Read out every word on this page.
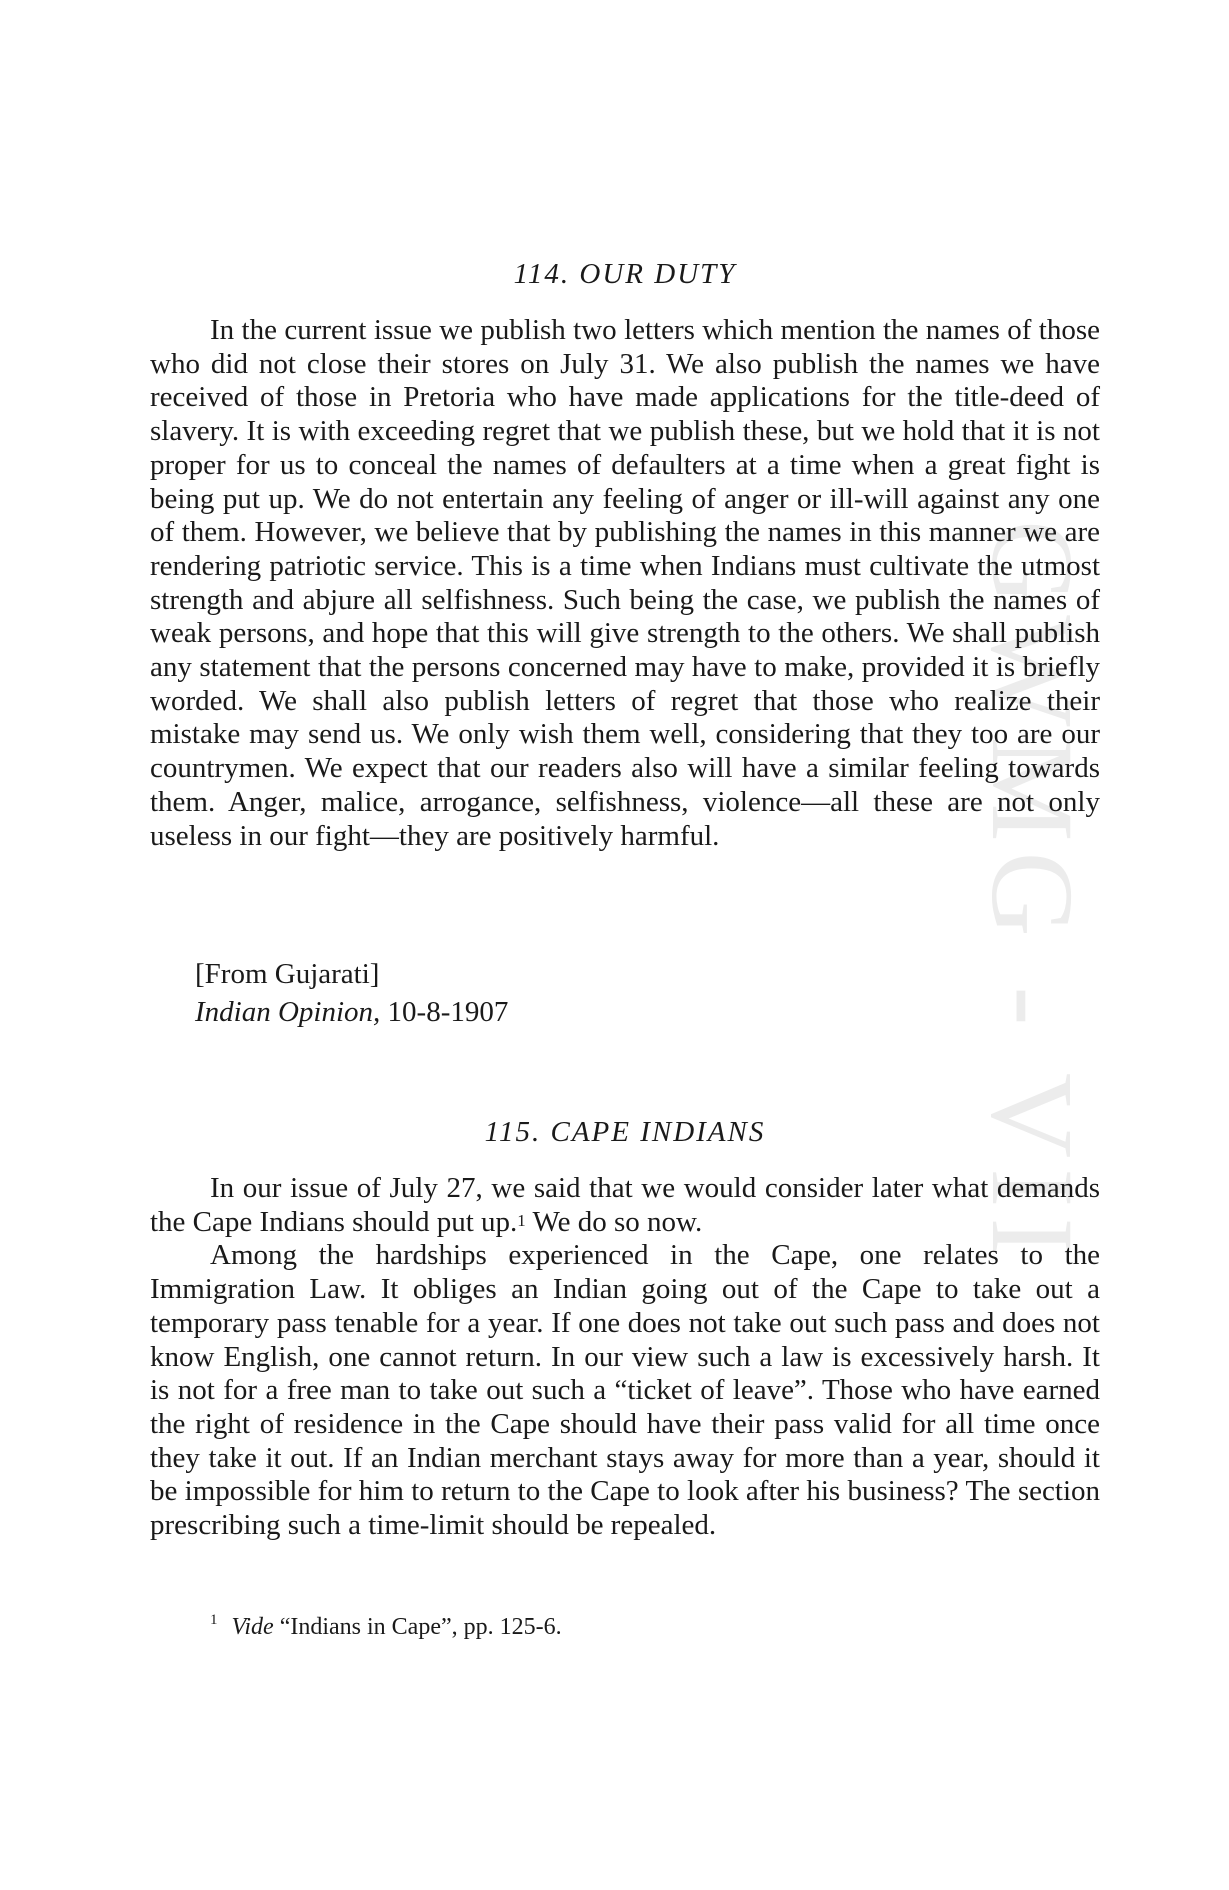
GWMG - VII
114. OUR DUTY

In the current issue we publish two letters which mention the names of those who did not close their stores on July 31. We also publish the names we have received of those in Pretoria who have made applications for the title-deed of slavery. It is with exceeding regret that we publish these, but we hold that it is not proper for us to conceal the names of defaulters at a time when a great fight is being put up. We do not entertain any feeling of anger or ill-will against any one of them. However, we believe that by publishing the names in this manner we are rendering patriotic service. This is a time when Indians must cultivate the utmost strength and abjure all selfishness. Such being the case, we publish the names of weak persons, and hope that this will give strength to the others. We shall publish any statement that the persons concerned may have to make, provided it is briefly worded. We shall also publish letters of regret that those who realize their mistake may send us. We only wish them well, considering that they too are our countrymen. We expect that our readers also will have a similar feeling towards them. Anger, malice, arrogance, selfishness, violence—all these are not only useless in our fight—they are positively harmful.

[From Gujarati]
Indian Opinion, 10-8-1907
115. CAPE INDIANS

In our issue of July 27, we said that we would consider later what demands the Cape Indians should put up.$^1$ We do so now.

Among the hardships experienced in the Cape, one relates to the Immigration Law. It obliges an Indian going out of the Cape to take out a temporary pass tenable for a year. If one does not take out such pass and does not know English, one cannot return. In our view such a law is excessively harsh. It is not for a free man to take out such a “ticket of leave”. Those who have earned the right of residence in the Cape should have their pass valid for all time once they take it out. If an Indian merchant stays away for more than a year, should it be impossible for him to return to the Cape to look after his business? The section prescribing such a time-limit should be repealed.

$^1$ Vide “Indians in Cape”, pp. 125-6.
